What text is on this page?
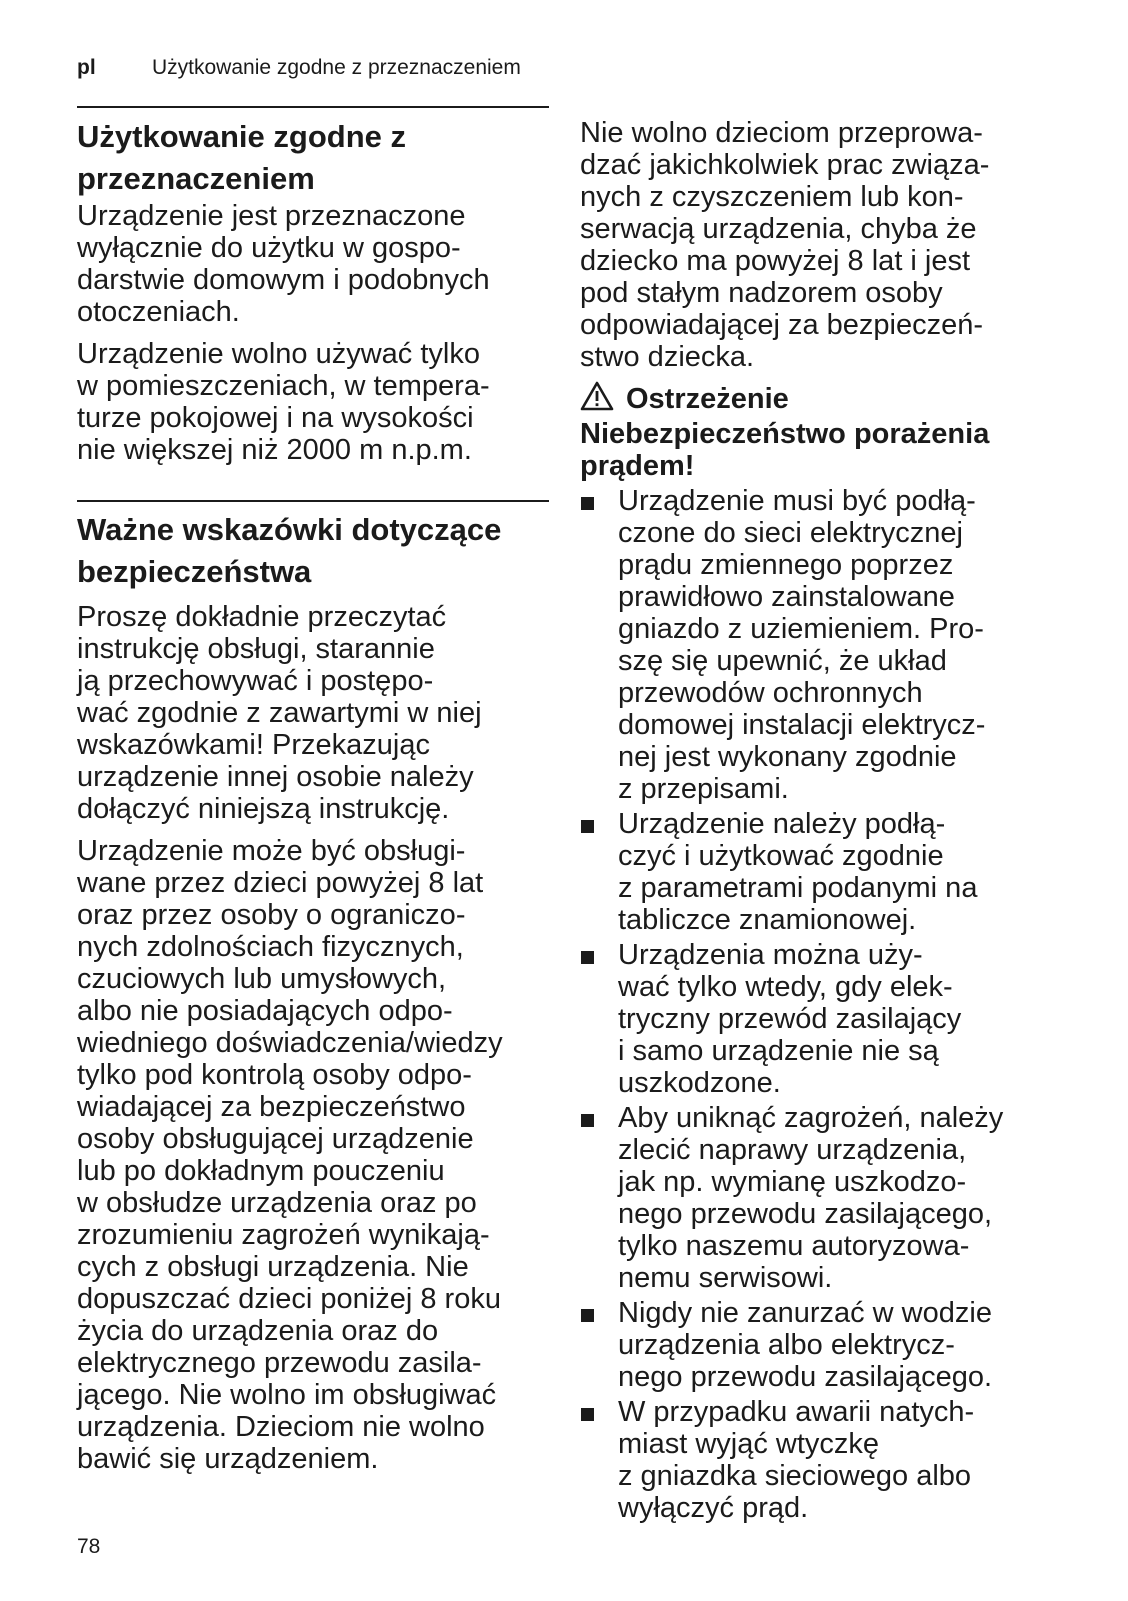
pl	Użytkowanie zgodne z przeznaczeniem
Użytkowanie zgodne z przeznaczeniem

Urządzenie jest przeznaczone
wyłącznie do użytku w gospo-
darstwie domowym i podobnych
otoczeniach.

Urządzenie wolno używać tylko
w pomieszczeniach, w tempera-
turze pokojowej i na wysokości
nie większej niż 2000 m n.p.m.

Ważne wskazówki dotyczące bezpieczeństwa

Proszę dokładnie przeczytać
instrukcję obsługi, starannie
ją przechowywać i postępo-
wać zgodnie z zawartymi w niej
wskazówkami! Przekazując
urządzenie innej osobie należy
dołączyć niniejszą instrukcję.

Urządzenie może być obsługi-
wane przez dzieci powyżej 8 lat
oraz przez osoby o ograniczo-
nych zdolnościach fizycznych,
czuciowych lub umysłowych,
albo nie posiadających odpo-
wiedniego doświadczenia/wiedzy
tylko pod kontrolą osoby odpo-
wiadającej za bezpieczeństwo
osoby obsługującej urządzenie
lub po dokładnym pouczeniu
w obsłudze urządzenia oraz po
zrozumieniu zagrożeń wynikają-
cych z obsługi urządzenia. Nie
dopuszczać dzieci poniżej 8 roku
życia do urządzenia oraz do
elektrycznego przewodu zasila-
jącego. Nie wolno im obsługiwać
urządzenia. Dzieciom nie wolno
bawić się urządzeniem.

Nie wolno dzieciom przeprowa-
dzać jakichkolwiek prac związa-
nych z czyszczeniem lub kon-
serwacją urządzenia, chyba że
dziecko ma powyżej 8 lat i jest
pod stałym nadzorem osoby
odpowiadającej za bezpieczeń-
stwo dziecka.

Ostrzeżenie
Niebezpieczeństwo porażenia
prądem!
Urządzenie musi być podłą-
czone do sieci elektrycznej
prądu zmiennego poprzez
prawidłowo zainstalowane
gniazdo z uziemieniem. Pro-
szę się upewnić, że układ
przewodów ochronnych
domowej instalacji elektrycz-
nej jest wykonany zgodnie
z przepisami.
Urządzenie należy podłą-
czyć i użytkować zgodnie
z parametrami podanymi na
tabliczce znamionowej.
Urządzenia można uży-
wać tylko wtedy, gdy elek-
tryczny przewód zasilający
i samo urządzenie nie są
uszkodzone.
Aby uniknąć zagrożeń, należy
zlecić naprawy urządzenia,
jak np. wymianę uszkodzo-
nego przewodu zasilającego,
tylko naszemu autoryzowa-
nemu serwisowi.
Nigdy nie zanurzać w wodzie
urządzenia albo elektrycz-
nego przewodu zasilającego.
W przypadku awarii natych-
miast wyjąć wtyczkę
z gniazdka sieciowego albo
wyłączyć prąd.
78
